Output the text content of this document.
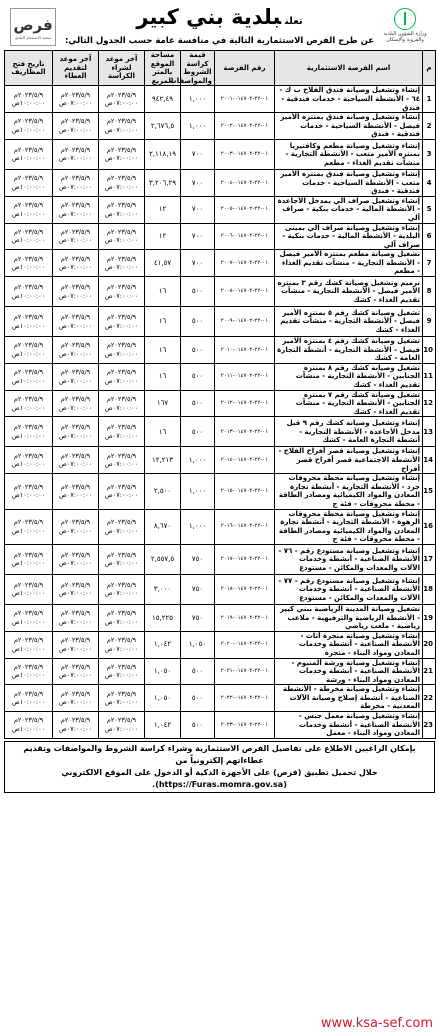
وزارة الشؤون البلدية والقروية والإسكان
تعلنبلدية بني كبير
عن طرح الفرص الاستثمارية التالية في منافسة عامة حسب الجدول التالي:
فرص
منصة الاستثمار البلدي
م	اسم الفرصة الاستثمارية	رقم الفرصة	قيمة كراسة الشروط والمواصفات	مساحة الموقع بالمتر المربع	آخر موعد لشراء الكراسة	آخر موعد لتقديم العطاء	تاريخ فتح المظاريف
1	إنشاء وتشغيل وصيانة فندق الفلاح ب ك - ٦٤ - الأنشطة السياحية - خدمات فندقية - فندق	٠١-٢٢-٠١٤٧٠٢-٢٠٠١	١,٠٠٠	٩٤٢,٤٩	٢٠٢٣/٥/٩م ٠٧:٠٠:٠٠ص	٢٠٢٣/٥/٩م ٠٧:٠٠:٠٠ص	٢٠٢٣/٥/٩م ١٠:٠٠:٠٠ص
2	إنشاء وتشغيل وصيانة فندق بمنتزه الأمير فيصل - الأنشطة السياحية - خدمات فندقية - فندق	٠١-٢٢-٠١٤٧٠٢-٢٠٠٢	١,٠٠٠	٢,٦٧٦,٥	٢٠٢٣/٥/٩م ٠٧:٠٠:٠٠ص	٢٠٢٣/٥/٩م ٠٧:٠٠:٠٠ص	٢٠٢٣/٥/٩م ١٠:٠٠:٠٠ص
3	إنشاء وتشغيل وصيانة مطعم وكافتيريا بمنتزه الأمير متعب - الأنشطة التجارية - منشآت تقديم الغذاء - مطعم	٠١-٢٢-٠١٤٧٠٢-٢٠٠٣	٧٠٠	٢,١١٨,١٩	٢٠٢٣/٥/٩م ٠٧:٠٠:٠٠ص	٢٠٢٣/٥/٩م ٠٧:٠٠:٠٠ص	٢٠٢٣/٥/٩م ١٠:٠٠:٠٠ص
4	إنشاء وتشغيل وصيانة فندق بمنتزه الأمير متعب - الأنشطة السياحية - خدمات فندقية - فندق	٠١-٢٢-٠١٤٧٠٢-٢٠٠٤	٧٠٠	٣,٢٠٦,٢٩	٢٠٢٣/٥/٩م ٠٧:٠٠:٠٠ص	٢٠٢٣/٥/٩م ٠٧:٠٠:٠٠ص	٢٠٢٣/٥/٩م ١٠:٠٠:٠٠ص
5	إنشاء وتشغيل صراف آلي بمدخل الأجاعدة - الأنشطة المالية - خدمات بنكية - صراف آلي	٠١-٢٢-٠١٤٧٠٢-٢٠٠٥	٧٠٠	١٢	٢٠٢٣/٥/٩م ٠٧:٠٠:٠٠ص	٢٠٢٣/٥/٩م ٠٧:٠٠:٠٠ص	٢٠٢٣/٥/٩م ١٠:٠٠:٠٠ص
6	إنشاء وتشغيل وصيانة صراف آلي بمبنى البلدية - الأنشطة المالية - خدمات بنكية - صراف آلي	٠١-٢٢-٠١٤٧٠٢-٢٠٠٦	٧٠٠	١٢	٢٠٢٣/٥/٩م ٠٧:٠٠:٠٠ص	٢٠٢٣/٥/٩م ٠٧:٠٠:٠٠ص	٢٠٢٣/٥/٩م ١٠:٠٠:٠٠ص
7	تشغيل وصيانة مطعم بمنتزه الأمير فيصل - الأنشطة التجارية - منشآت تقديم الغذاء - مطعم	٠١-٢٢-٠١٤٧٠٢-٢٠٠٧	٧٠٠	٤١,٥٧	٢٠٢٣/٥/٩م ٠٧:٠٠:٠٠ص	٢٠٢٣/٥/٩م ٠٧:٠٠:٠٠ص	٢٠٢٣/٥/٩م ١٠:٠٠:٠٠ص
8	ترميم وتشغيل وصيانة كشك رقم ٣ بمنتزه الأمير فيصل - الأنشطة التجارية - منشآت تقديم الغذاء - كشك	٠١-٢٢-٠١٤٧٠٢-٢٠٠٨	٥٠٠	١٦	٢٠٢٣/٥/٩م ٠٧:٠٠:٠٠ص	٢٠٢٣/٥/٩م ٠٧:٠٠:٠٠ص	٢٠٢٣/٥/٩م ١٠:٠٠:٠٠ص
9	تشغيل وصيانة كشك رقم ٥ بمنتزه الأمير فيصل - الأنشطة التجارية - منشآت تقديم الغذاء - كشك	٠١-٢٢-٠١٤٧٠٢-٢٠٠٩	٥٠٠	١٦	٢٠٢٣/٥/٩م ٠٧:٠٠:٠٠ص	٢٠٢٣/٥/٩م ٠٧:٠٠:٠٠ص	٢٠٢٣/٥/٩م ١٠:٠٠:٠٠ص
10	تشغيل وصيانة كشك رقم ٤ بمنتزه الأمير فيصل - الأنشطة التجارية - أنشطة التجارة العامة - كشك	٠١-٢٢-٠١٤٧٠٢-٢٠١٠	٥٠٠	١٦	٢٠٢٣/٥/٩م ٠٧:٠٠:٠٠ص	٢٠٢٣/٥/٩م ٠٧:٠٠:٠٠ص	٢٠٢٣/٥/٩م ١٠:٠٠:٠٠ص
11	تشغيل وصيانة كشك رقم ٨ بمنتزه الجنابين - الأنشطة التجارية - منشآت تقديم الغذاء - كشك	٠١-٢٢-٠١٤٧٠٢-٢٠١١	٥٠٠	١٦	٢٠٢٣/٥/٩م ٠٧:٠٠:٠٠ص	٢٠٢٣/٥/٩م ٠٧:٠٠:٠٠ص	٢٠٢٣/٥/٩م ١٠:٠٠:٠٠ص
12	تشغيل وصيانة كشك رقم ٧ بمنتزه الجنابين - الأنشطة التجارية - منشآت تقديم الغذاء - كشك	٠١-٢٢-٠١٤٧٠٢-٢٠١٢	٥٠٠	١٦٧	٢٠٢٣/٥/٩م ٠٧:٠٠:٠٠ص	٢٠٢٣/٥/٩م ٠٧:٠٠:٠٠ص	٢٠٢٣/٥/٩م ١٠:٠٠:٠٠ص
13	إنشاء وتشغيل وصيانة كشك رقم ٩ قبل مدخل الأجاعدة - الأنشطة التجارية - أنشطة التجارة العامة - كشك	٠١-٢٢-٠١٤٧٠٢-٢٠١٣	٥٠٠	١٦	٢٠٢٣/٥/٩م ٠٧:٠٠:٠٠ص	٢٠٢٣/٥/٩م ٠٧:٠٠:٠٠ص	٢٠٢٣/٥/٩م ١٠:٠٠:٠٠ص
14	إنشاء وتشغيل وصيانة قصر أفراح الفلاح - الأنشطة الاجتماعية قصر أفراح قصر أفراح	٠١-٢٢-٠١٤٧٠٢-٢٠١٤	١,٠٠٠	١٢,٢١٣	٢٠٢٣/٥/٩م ٠٧:٠٠:٠٠ص	٢٠٢٣/٥/٩م ٠٧:٠٠:٠٠ص	٢٠٢٣/٥/٩م ١٠:٠٠:٠٠ص
15	إنشاء وتشغيل وصيانة محطة محروقات جرد - الأنشطة التجارية - أنشطة تجارة المعادن والمواد الكيميائية ومصادر الطاقة - محطة محروقات - فئة ج	٠١-٢٢-٠١٤٧٠٢-٢٠١٥	١,٠٠٠	٢,٥٠٠	٢٠٢٣/٥/٩م ٠٧:٠٠:٠٠ص	٢٠٢٣/٥/٩م ٠٧:٠٠:٠٠ص	٢٠٢٣/٥/٩م ١٠:٠٠:٠٠ص
16	إنشاء وتشغيل وصيانة محطة محروقات الرهوة - الأنشطة التجارية - أنشطة تجارة المعادن والمواد الكيميائية ومصادر الطاقة - محطة محروقات - فئة ج	٠١-٢٢-٠١٤٧٠٢-٢٠١٦	١,٠٠٠	٨,٦٧٠	٢٠٢٣/٥/٩م ٠٧:٠٠:٠٠ص	٢٠٢٣/٥/٩م ٠٧:٠٠:٠٠ص	٢٠٢٣/٥/٩م ١٠:٠٠:٠٠ص
17	إنشاء وتشغيل وصيانة مستودع رقم - ٧٦ - الأنشطة الصناعية - أنشطة وخدمات الآلات والمعدات والمكائن - مستودع	٠١-٢٢-٠١٤٧٠٢-٢٠١٧	٧٥٠	٢,٥٥٧,٥	٢٠٢٣/٥/٩م ٠٧:٠٠:٠٠ص	٢٠٢٣/٥/٩م ٠٧:٠٠:٠٠ص	٢٠٢٣/٥/٩م ١٠:٠٠:٠٠ص
18	إنشاء وتشغيل وصيانة مستودع رقم - ٧٧ - الأنشطة الصناعية - أنشطة وخدمات الآلات والمعدات والمكائن - مستودع	٠١-٢٢-٠١٤٧٠٢-٢٠١٨	٧٥٠	٣,٠٠٠	٢٠٢٣/٥/٩م ٠٧:٠٠:٠٠ص	٢٠٢٣/٥/٩م ٠٧:٠٠:٠٠ص	٢٠٢٣/٥/٩م ١٠:٠٠:٠٠ص
19	تشغيل وصيانة المدينة الرياضية ببني كبير - الأنشطة الرياضية والترفيهية - ملاعب رياضية - ملعب رياضي	٠١-٢٢-٠١٤٧٠٢-٢٠١٩	٧٥٠	١٥,٢٢٥	٢٠٢٣/٥/٩م ٠٧:٠٠:٠٠ص	٢٠٢٣/٥/٩م ٠٧:٠٠:٠٠ص	٢٠٢٣/٥/٩م ١٠:٠٠:٠٠ص
20	إنشاء وتشغيل وصيانة منجرة أثاث - الأنشطة الصناعية - أنشطة وخدمات المعادن ومواد البناء - منجرة	٠١-٢٢-٠١٤٧٠٢-٢٠٢٠	١,٠٥٠	١,٠٤٢	٢٠٢٣/٥/٩م ٠٧:٠٠:٠٠ص	٢٠٢٣/٥/٩م ٠٧:٠٠:٠٠ص	٢٠٢٣/٥/٩م ١٠:٠٠:٠٠ص
21	إنشاء وتشغيل وصيانة ورشة ألمنيوم - الأنشطة الصناعية - أنشطة وخدمات المعادن ومواد البناء - ورشة	٠١-٢٢-٠١٤٧٠٢-٢٠٢١	٥٠٠	١,٠٥٠	٢٠٢٣/٥/٩م ٠٧:٠٠:٠٠ص	٢٠٢٣/٥/٩م ٠٧:٠٠:٠٠ص	٢٠٢٣/٥/٩م ١٠:٠٠:٠٠ص
22	إنشاء وتشغيل وصيانة مخرطة - الأنشطة الصناعية - أنشطة إصلاح وصيانة الآلات المعدنية - مخرطة	٠١-٢٢-٠١٤٧٠٢-٢٠٢٢	٥٠٠	١,٠٥٠	٢٠٢٣/٥/٩م ٠٧:٠٠:٠٠ص	٢٠٢٣/٥/٩م ٠٧:٠٠:٠٠ص	٢٠٢٣/٥/٩م ١٠:٠٠:٠٠ص
23	إنشاء وتشغيل وصيانة معمل جبس - الأنشطة الصناعية - أنشطة وخدمات المعادن ومواد البناء - معمل	٠١-٢٢-٠١٤٧٠٢-٢٠٢٣	٥٠٠	١,٠٤٢	٢٠٢٣/٥/٩م ٠٧:٠٠:٠٠ص	٢٠٢٣/٥/٩م ٠٧:٠٠:٠٠ص	٢٠٢٣/٥/٩م ١٠:٠٠:٠٠ص
بإمكان الراغبين الاطلاع على تفاصيل الفرص الاستثمارية وشراء كراسة الشروط والمواصفات وتقديم عطاءاتهم إلكترونياً من
خلال تحميل تطبيق (فرص) على الأجهزة الذكية أو الدخول على الموقع الالكتروني (https://Furas.momra.gov.sa).
www.ksa-sef.com
